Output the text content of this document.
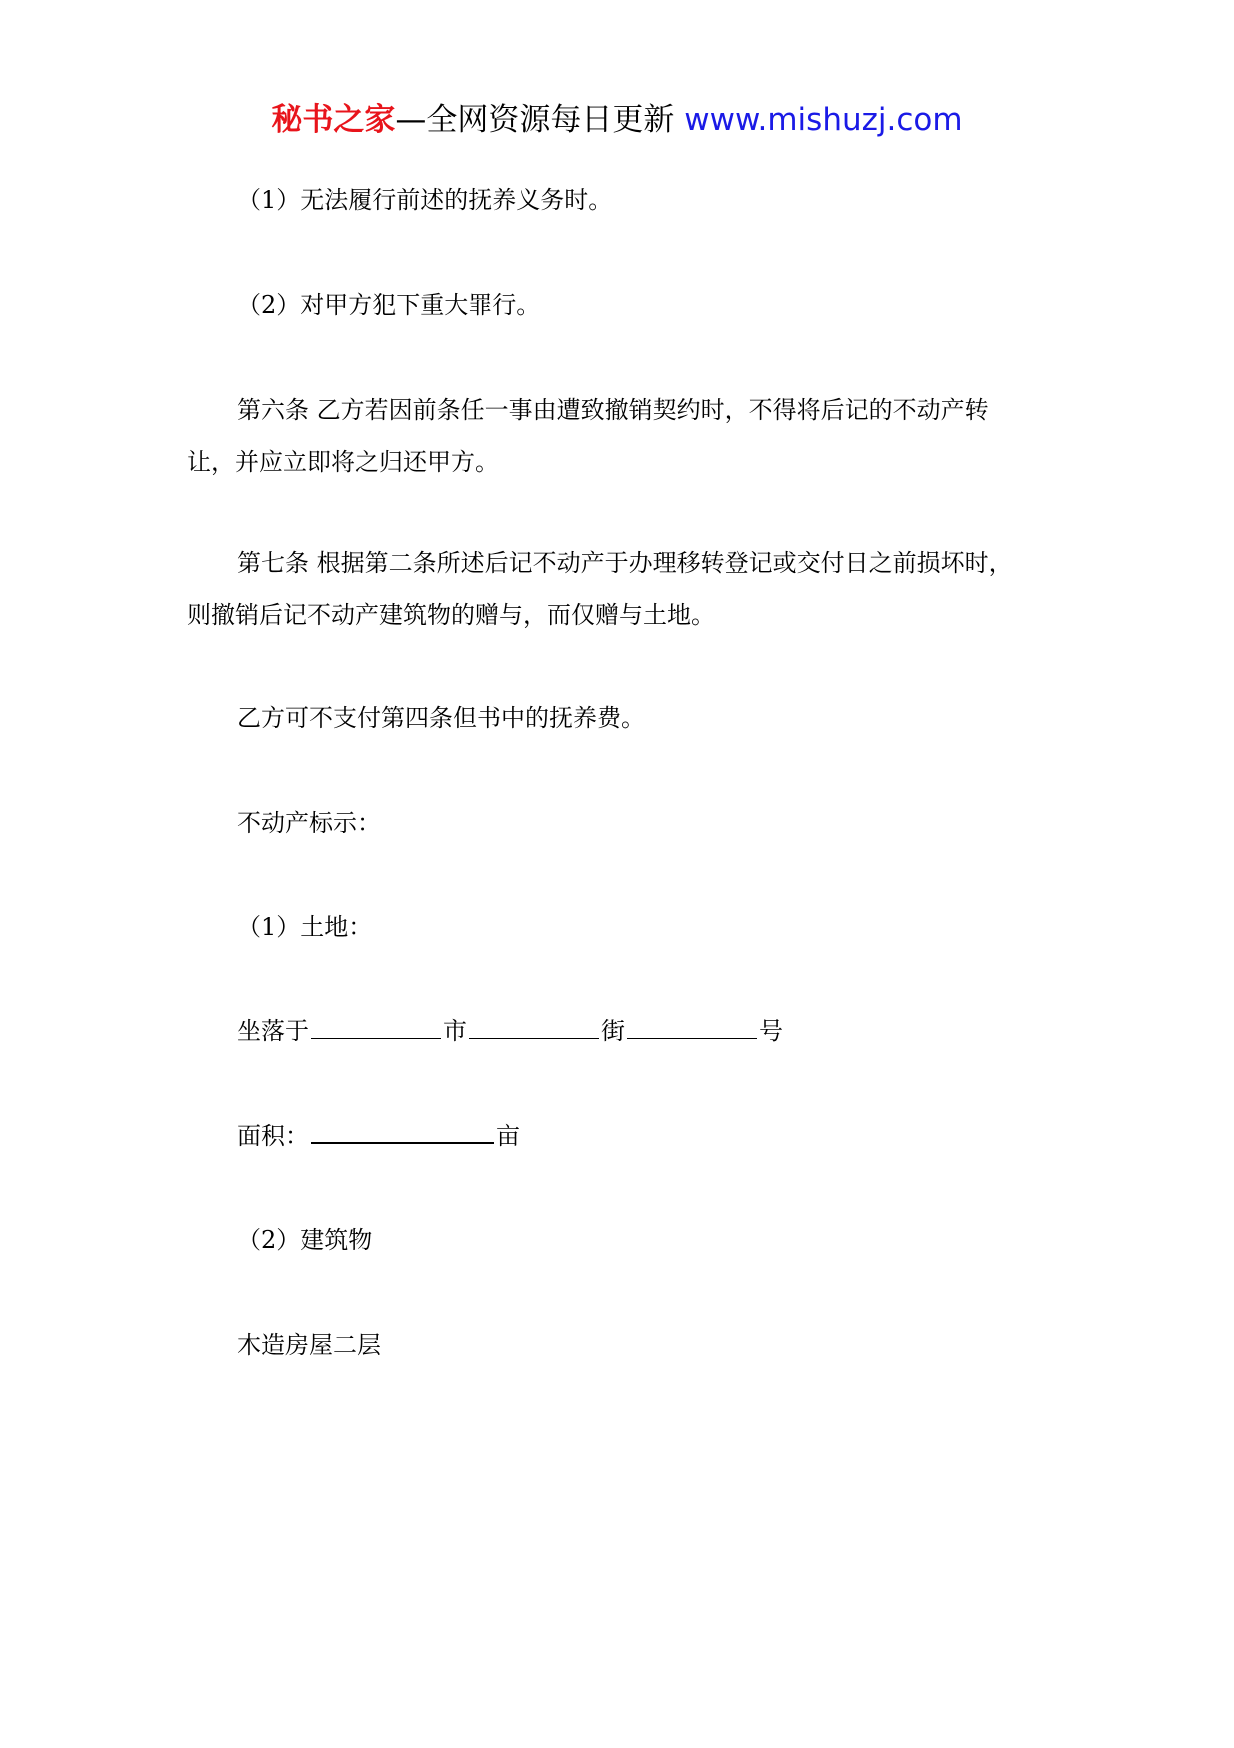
秘书之家—全网资源每日更新 www.mishuzj.com
（1）无法履行前述的抚养义务时。
（2）对甲方犯下重大罪行。
第六条 乙方若因前条任一事由遭致撤销契约时，不得将后记的不动产转
让，并应立即将之归还甲方。
第七条 根据第二条所述后记不动产于办理移转登记或交付日之前损坏时，
则撤销后记不动产建筑物的赠与，而仅赠与土地。
乙方可不支付第四条但书中的抚养费。
不动产标示：
（1）土地：
坐落于	市	街	号
面积：	亩
（2）建筑物
木造房屋二层
